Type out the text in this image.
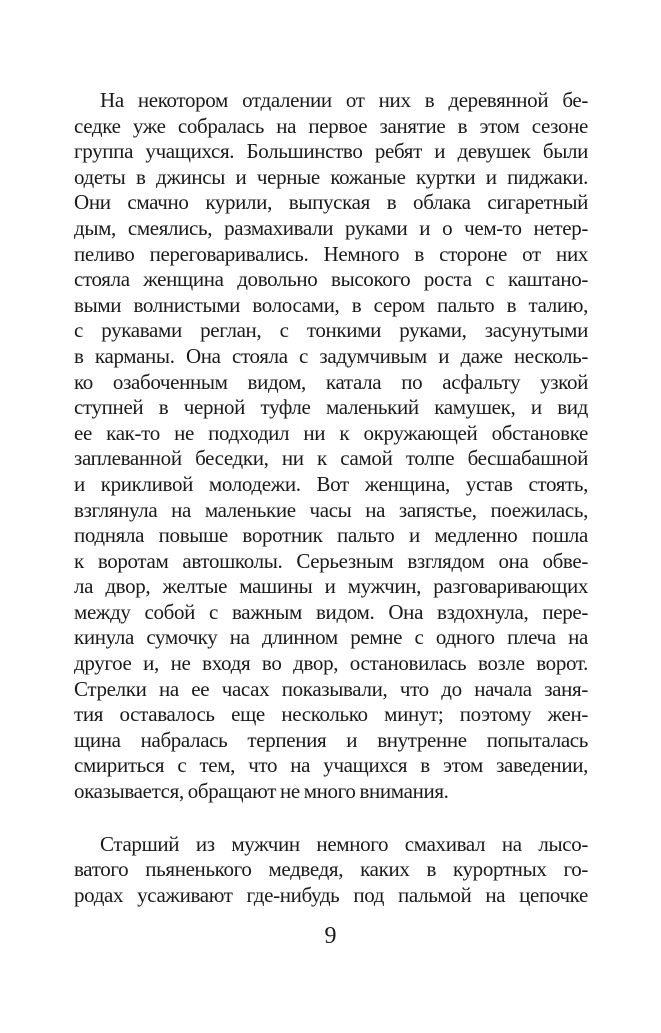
На некотором отдалении от них в деревянной бе-
седке уже собралась на первое занятие в этом сезоне
группа учащихся. Большинство ребят и девушек были
одеты в джинсы и черные кожаные куртки и пиджаки.
Они смачно курили, выпуская в облака сигаретный
дым, смеялись, размахивали руками и о чем-то нетер-
пеливо переговаривались. Немного в стороне от них
стояла женщина довольно высокого роста с каштано-
выми волнистыми волосами, в сером пальто в талию,
с рукавами реглан, с тонкими руками, засунутыми
в карманы. Она стояла с задумчивым и даже несколь-
ко озабоченным видом, катала по асфальту узкой
ступней в черной туфле маленький камушек, и вид
ее как-то не подходил ни к окружающей обстановке
заплеванной беседки, ни к самой толпе бесшабашной
и крикливой молодежи. Вот женщина, устав стоять,
взглянула на маленькие часы на запястье, поежилась,
подняла повыше воротник пальто и медленно пошла
к воротам автошколы. Серьезным взглядом она обве-
ла двор, желтые машины и мужчин, разговаривающих
между собой с важным видом. Она вздохнула, пере-
кинула сумочку на длинном ремне с одного плеча на
другое и, не входя во двор, остановилась возле ворот.
Стрелки на ее часах показывали, что до начала заня-
тия оставалось еще несколько минут; поэтому жен-
щина набралась терпения и внутренне попыталась
смириться с тем, что на учащихся в этом заведении,
оказывается, обращают не много внимания.
Старший из мужчин немного смахивал на лысо-
ватого пьяненького медведя, каких в курортных го-
родах усаживают где-нибудь под пальмой на цепочке
9
